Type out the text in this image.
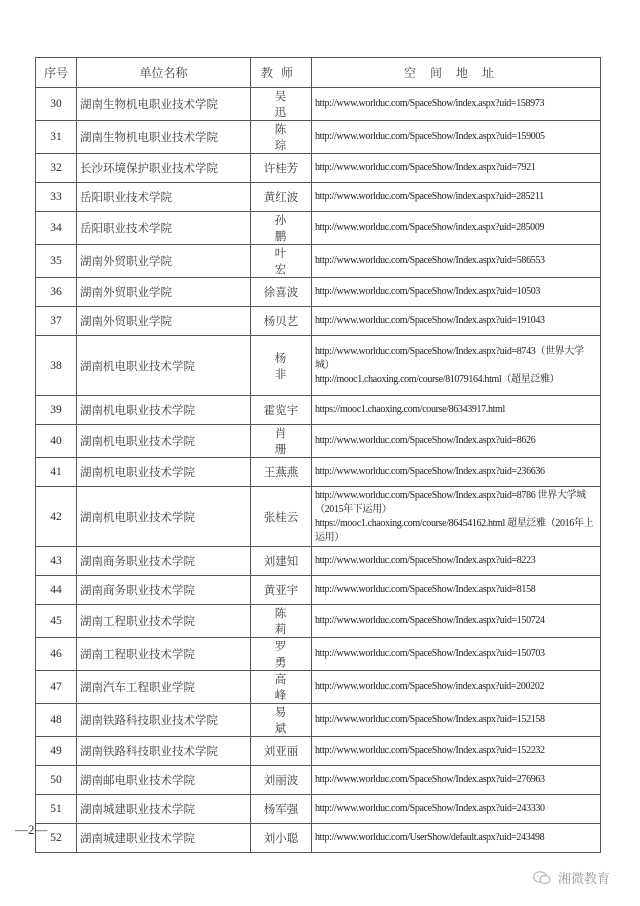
序号	单位名称	教师	空间地址
30	湖南生物机电职业技术学院	吴迅	http://www.worlduc.com/SpaceShow/index.aspx?uid=158973

31	湖南生物机电职业技术学院	陈琮	http://www.worlduc.com/SpaceShow/Index.aspx?uid=159005

32	长沙环境保护职业技术学院	许桂芳	http://www.worlduc.com/SpaceShow/Index.aspx?uid=7921

33	岳阳职业技术学院	黄红波	http://www.worlduc.com/SpaceShow/index.aspx?uid=285211

34	岳阳职业技术学院	孙鹏	http://www.worlduc.com/SpaceShow/index.aspx?uid=285009

35	湖南外贸职业学院	叶宏	http://www.worlduc.com/SpaceShow/Index.aspx?uid=586553

36	湖南外贸职业学院	徐喜波	http://www.worlduc.com/SpaceShow/Index.aspx?uid=10503

37	湖南外贸职业学院	杨贝艺	http://www.worlduc.com/SpaceShow/Index.aspx?uid=191043

38	湖南机电职业技术学院	杨非	http://www.worlduc.com/SpaceShow/Index.aspx?uid=8743（世界大学城）
http://mooc1.chaoxing.com/course/81079164.html（超星泛雅）

39	湖南机电职业技术学院	霍览宇	https://mooc1.chaoxing.com/course/86343917.html

40	湖南机电职业技术学院	肖珊	http://www.worlduc.com/SpaceShow/Index.aspx?uid=8626

41	湖南机电职业技术学院	王燕燕	http://www.worlduc.com/SpaceShow/Index.aspx?uid=236636

42	湖南机电职业技术学院	张桂云	http://www.worlduc.com/SpaceShow/Index.aspx?uid=8786 世界大学城（2015年下运用）
https://mooc1.chaoxing.com/course/86454162.html 超星泛雅（2016年上运用）

43	湖南商务职业技术学院	刘建知	http://www.worlduc.com/SpaceShow/Index.aspx?uid=8223

44	湖南商务职业技术学院	黄亚宇	http://www.worlduc.com/SpaceShow/Index.aspx?uid=8158

45	湖南工程职业技术学院	陈莉	http://www.worlduc.com/SpaceShow/Index.aspx?uid=150724

46	湖南工程职业技术学院	罗勇	http://www.worlduc.com/SpaceShow/Index.aspx?uid=150703

47	湖南汽车工程职业学院	高峰	http://www.worlduc.com/SpaceShow/index.aspx?uid=200202

48	湖南铁路科技职业技术学院	易斌	http://www.worlduc.com/SpaceShow/Index.aspx?uid=152158

49	湖南铁路科技职业技术学院	刘亚丽	http://www.worlduc.com/SpaceShow/Index.aspx?uid=152232

50	湖南邮电职业技术学院	刘丽波	http://www.worlduc.com/SpaceShow/Index.aspx?uid=276963

51	湖南城建职业技术学院	杨军强	http://www.worlduc.com/SpaceShow/Index.aspx?uid=243330

52	湖南城建职业技术学院	刘小聪	http://www.worlduc.com/UserShow/default.aspx?uid=243498
—2—
湘微教育
